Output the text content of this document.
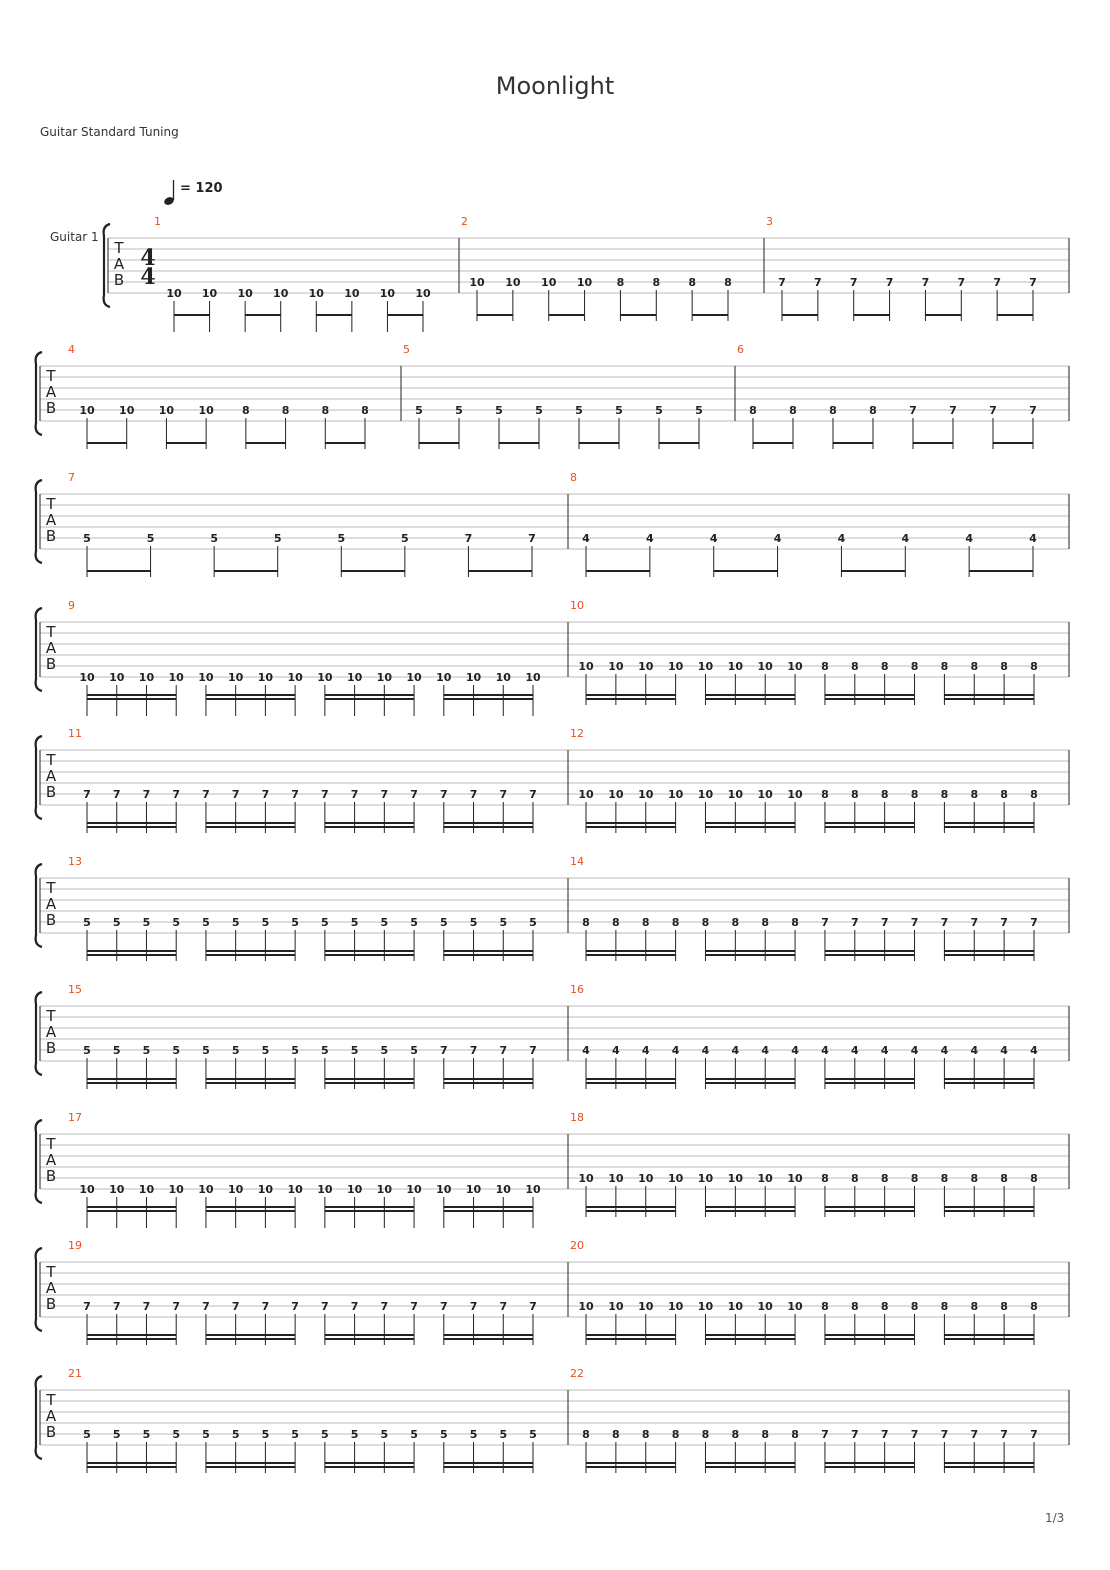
Moonlight
Guitar Standard Tuning
T
A
B
Guitar 1
4
4
= 120
1
10 10 10 10 10 10 10 10
2
10 10 10 10 8	8	8	8
3
7	7	7	7	7	7	7	7
T
A
B
4
10 10 10 10	8	8	8	8
5
5	5	5	5	5	5	5	5
6
8	8	8	8	7	7	7	7
T
A
B
7
5	5	5	5	5	5	7	7
8
4	4	4	4	4	4	4	4
T
A
B
9
10 10 10 10 10 10 10 10 10 10 10 10 10 10 10 10
10
10 10 10 10 10 10 10 10 8 8 8 8 8 8 8 8
T
A
B
11
7 7 7 7 7 7 7 7 7 7 7 7 7 7 7 7
12
10 10 10 10 10 10 10 10 8 8 8 8 8 8 8 8
T
A
B
13
5 5 5 5 5 5 5 5 5 5 5 5 5 5 5 5
14
8 8 8 8 8 8 8 8 7 7 7 7 7 7 7 7
T
A
B
15
5 5 5 5 5 5 5 5 5 5 5 5 7 7 7 7
16
4 4 4 4 4 4 4 4 4 4 4 4 4 4 4 4
T
A
B
17
10 10 10 10 10 10 10 10 10 10 10 10 10 10 10 10
18
10 10 10 10 10 10 10 10 8 8 8 8 8 8 8 8
T
A
B
19
7 7 7 7 7 7 7 7 7 7 7 7 7 7 7 7
20
10 10 10 10 10 10 10 10 8 8 8 8 8 8 8 8
T
A
B
21
5 5 5 5 5 5 5 5 5 5 5 5 5 5 5 5
22
8 8 8 8 8 8 8 8 7 7 7 7 7 7 7 7
1/3
